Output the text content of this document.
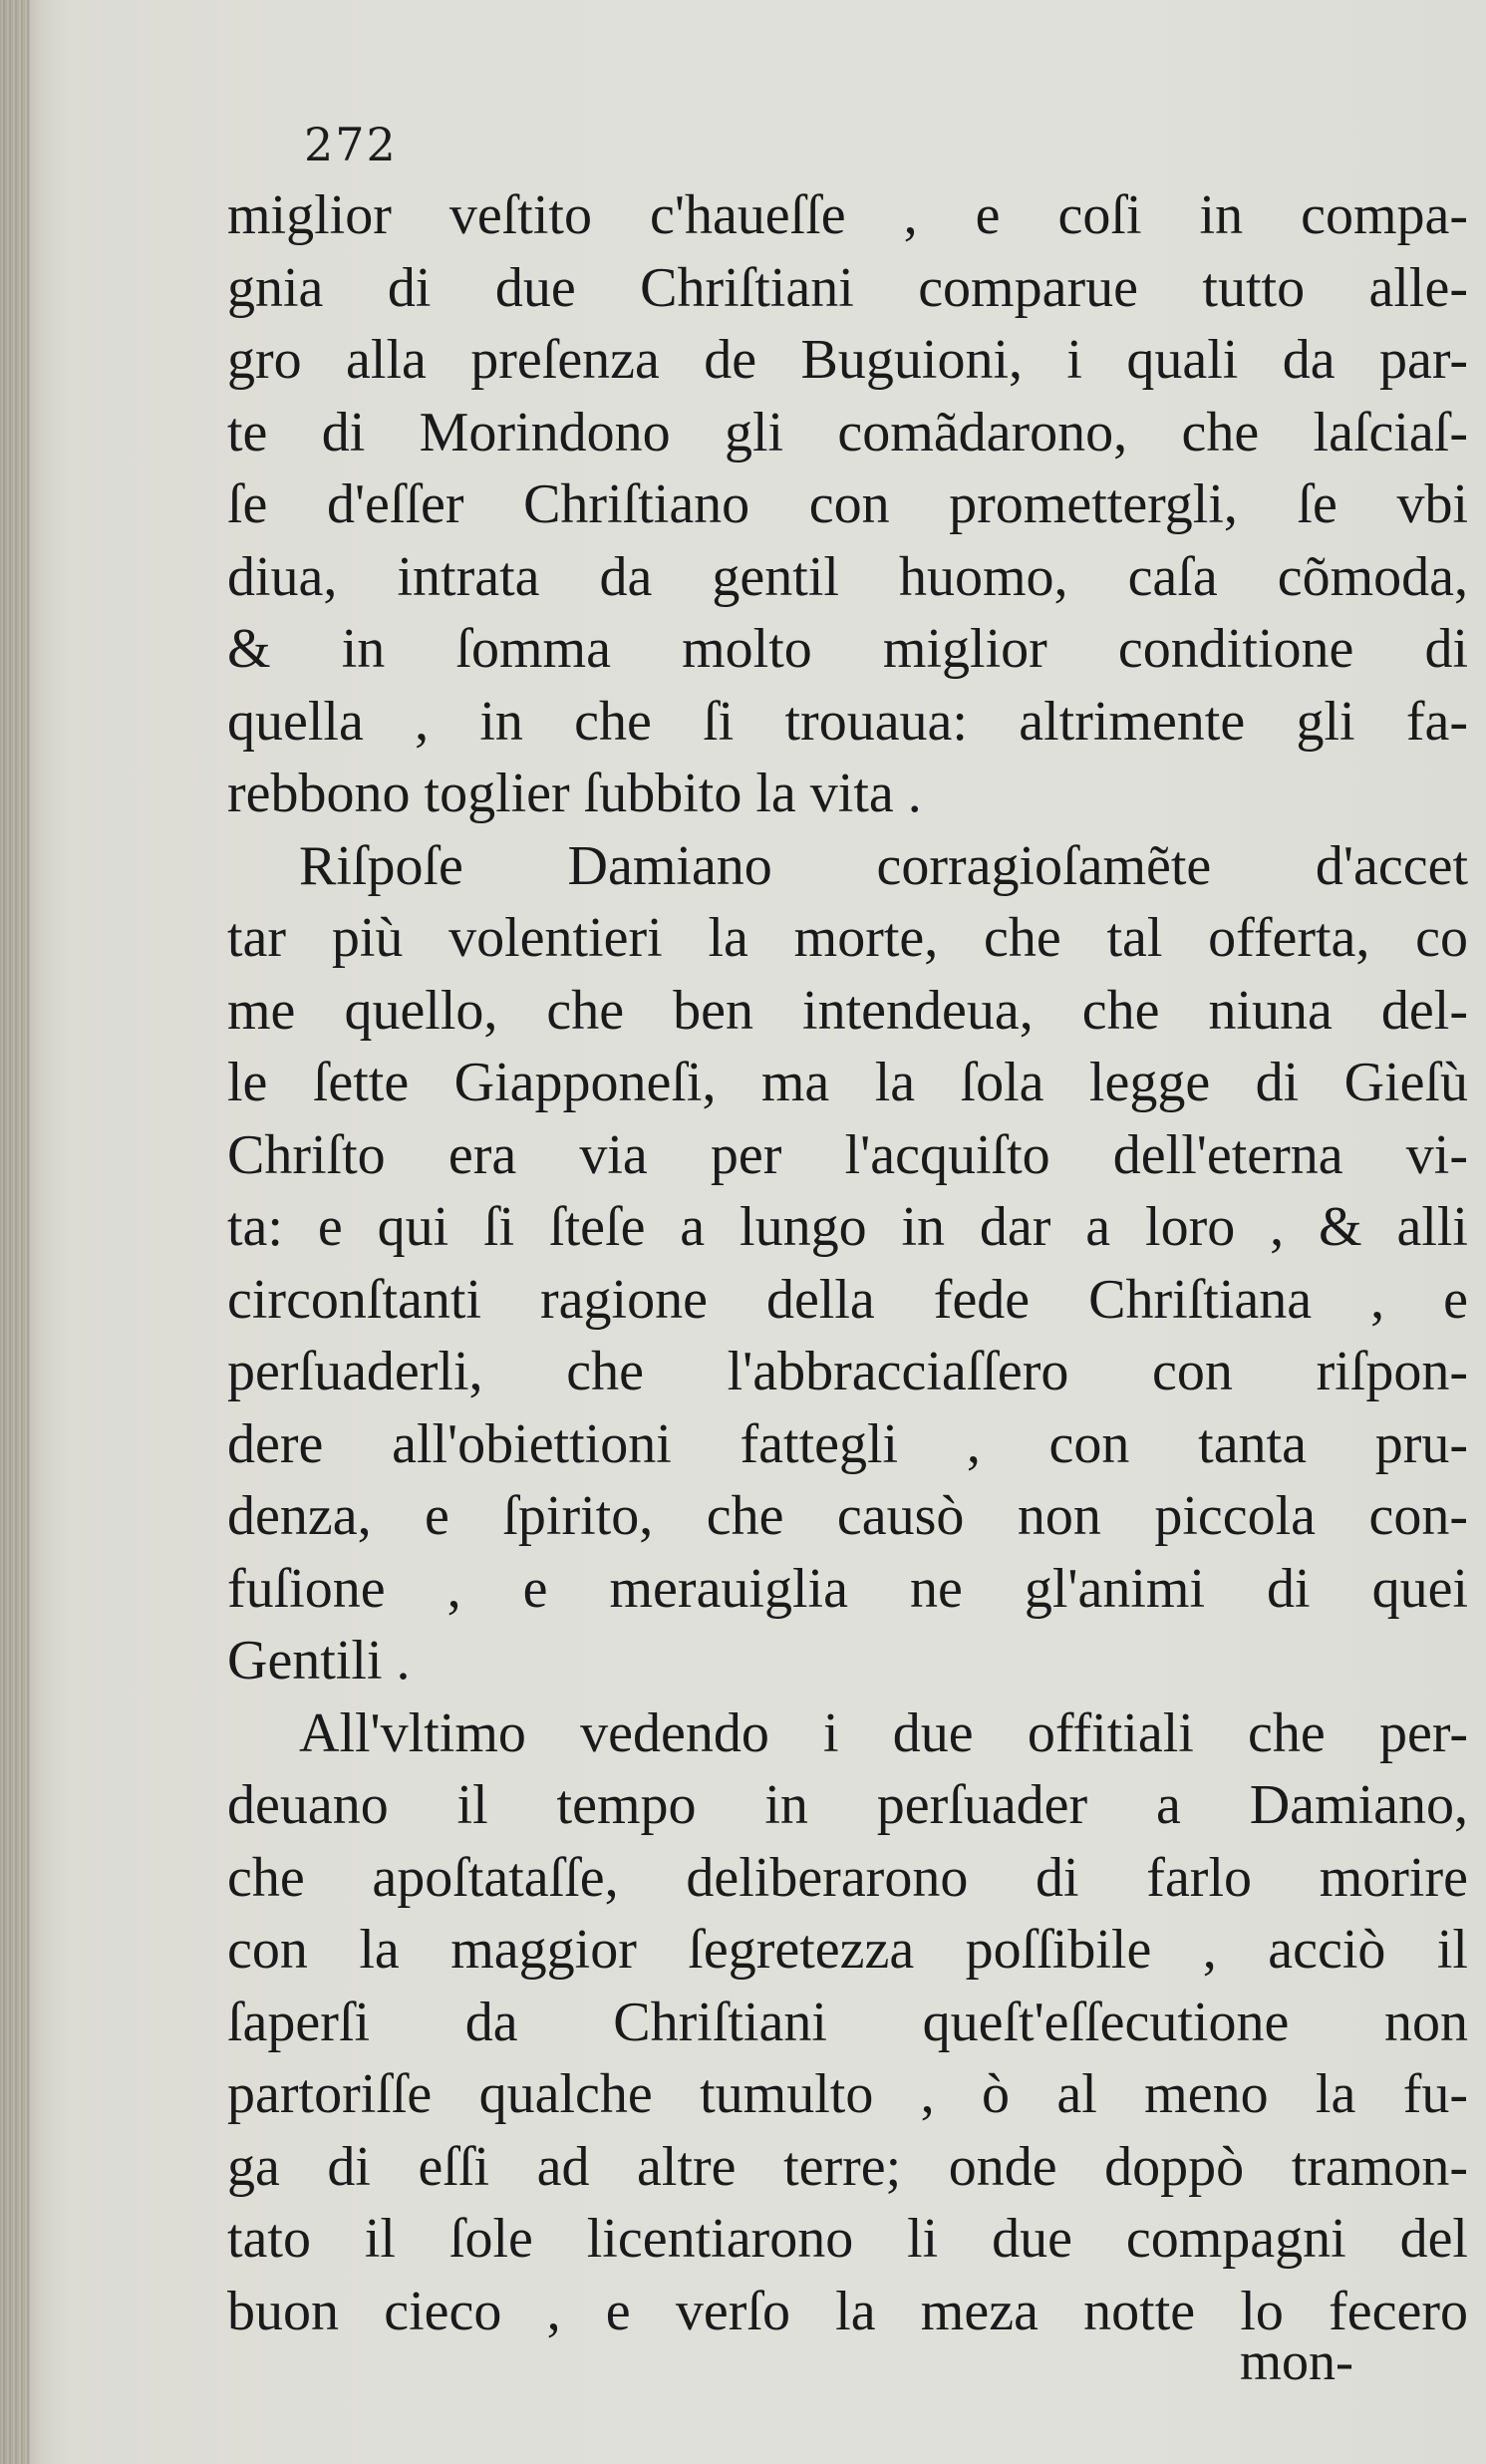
272
miglior veſtito c'haueſſe , e coſi in compa-
gnia di due Chriſtiani comparue tutto alle-
gro alla preſenza de Buguioni, i quali da par-
te di Morindono gli comãdarono, che laſciaſ-
ſe d'eſſer Chriſtiano con promettergli, ſe vbi
diua, intrata da gentil huomo, caſa cõmoda,
& in ſomma molto miglior conditione di
quella , in che ſi trouaua: altrimente gli fa-
rebbono toglier ſubbito la vita .
Riſpoſe Damiano corragioſamẽte d'accet
tar più volentieri la morte, che tal offerta, co
me quello, che ben intendeua, che niuna del-
le ſette Giapponeſi, ma la ſola legge di Gieſù
Chriſto era via per l'acquiſto dell'eterna vi-
ta: e qui ſi ſteſe a lungo in dar a loro , & alli
circonſtanti ragione della fede Chriſtiana , e
perſuaderli, che l'abbracciaſſero con riſpon-
dere all'obiettioni fattegli , con tanta pru-
denza, e ſpirito, che causò non piccola con-
fuſione , e merauiglia ne gl'animi di quei
Gentili .
All'vltimo vedendo i due offitiali che per-
deuano il tempo in perſuader a Damiano,
che apoſtataſſe, deliberarono di farlo morire
con la maggior ſegretezza poſſibile , acciò il
ſaperſi da Chriſtiani queſt'eſſecutione non
partoriſſe qualche tumulto , ò al meno la fu-
ga di eſſi ad altre terre; onde doppò tramon-
tato il ſole licentiarono li due compagni del
buon cieco , e verſo la meza notte lo fecero
mon-
